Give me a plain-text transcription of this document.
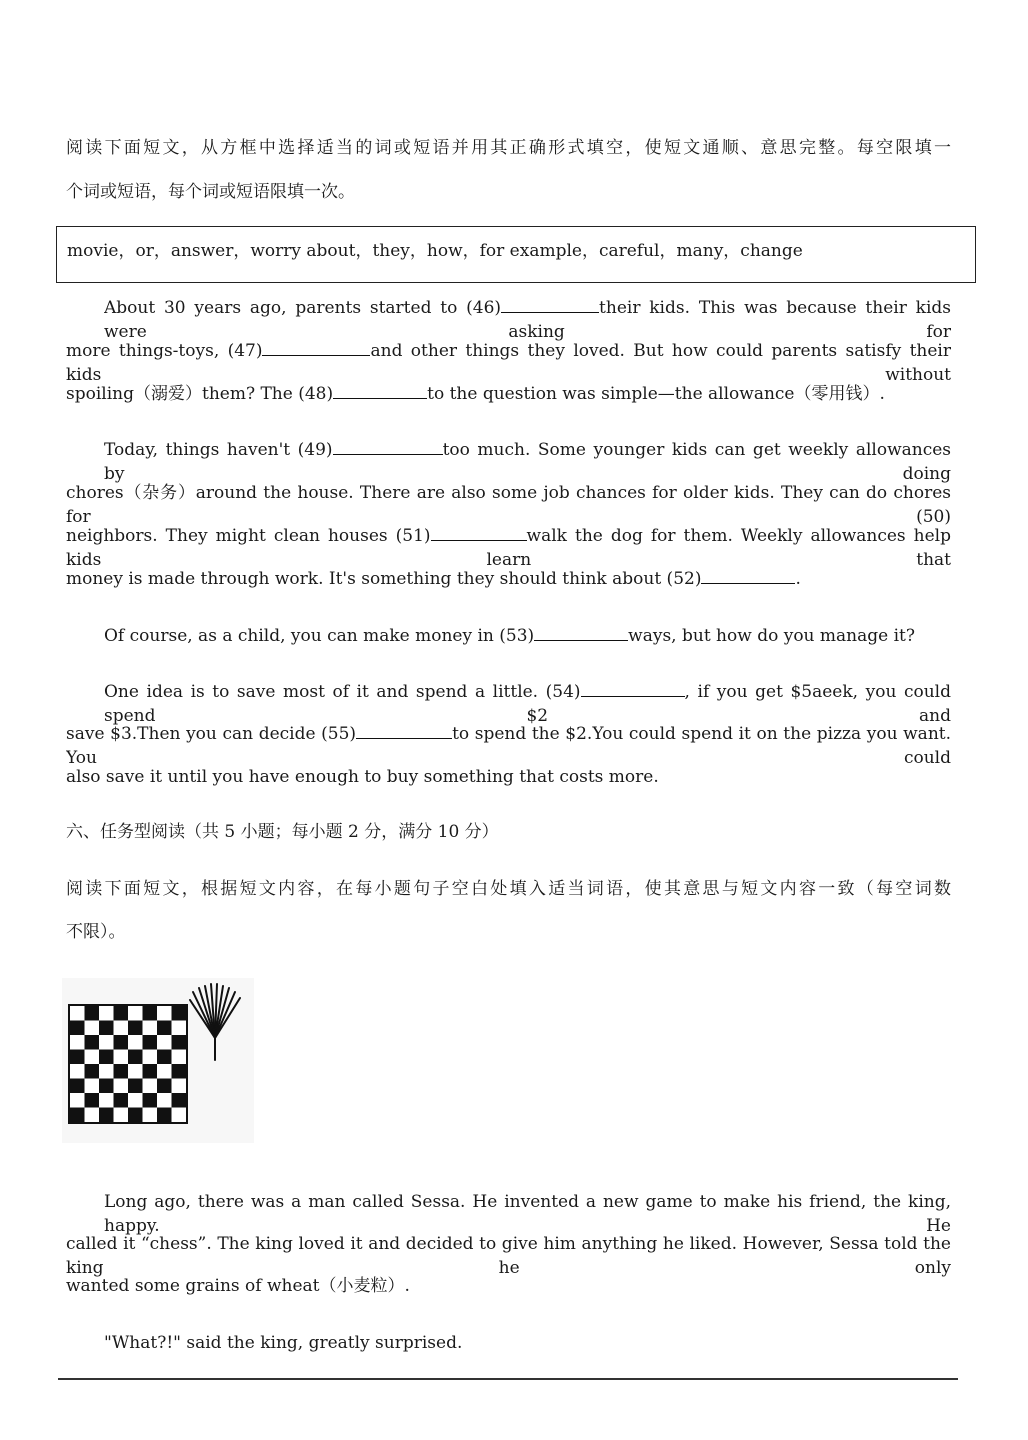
阅读下面短文，从方框中选择适当的词或短语并用其正确形式填空，使短文通顺、意思完整。每空限填一
个词或短语，每个词或短语限填一次。
movie，or，answer，worry about，they，how，for example，careful，many，change
About 30 years ago, parents started to (46)	their kids. This was because their kids were asking for
more things-toys, (47)	and other things they loved. But how could parents satisfy their kids without
spoiling（溺爱）them? The (48)	to the question was simple—the allowance（零用钱）.
Today, things haven't (49)	too much. Some younger kids can get weekly allowances by doing
chores（杂务）around the house. There are also some job chances for older kids. They can do chores for (50)
neighbors. They might clean houses (51)	walk the dog for them. Weekly allowances help kids learn that
money is made through work. It's something they should think about (52)	.
Of course, as a child, you can make money in (53)	ways, but how do you manage it?
One idea is to save most of it and spend a little. (54)	, if you get $5aeek, you could spend $2 and
save $3.Then you can decide (55)	to spend the $2.You could spend it on the pizza you want. You could
also save it until you have enough to buy something that costs more.
六、任务型阅读（共 5 小题；每小题 2 分，满分 10 分）
阅读下面短文，根据短文内容，在每小题句子空白处填入适当词语，使其意思与短文内容一致（每空词数
不限）。
Long ago, there was a man called Sessa. He invented a new game to make his friend, the king, happy. He
called it “chess”. The king loved it and decided to give him anything he liked. However, Sessa told the king he only
wanted some grains of wheat（小麦粒）.
"What?!" said the king, greatly surprised.
